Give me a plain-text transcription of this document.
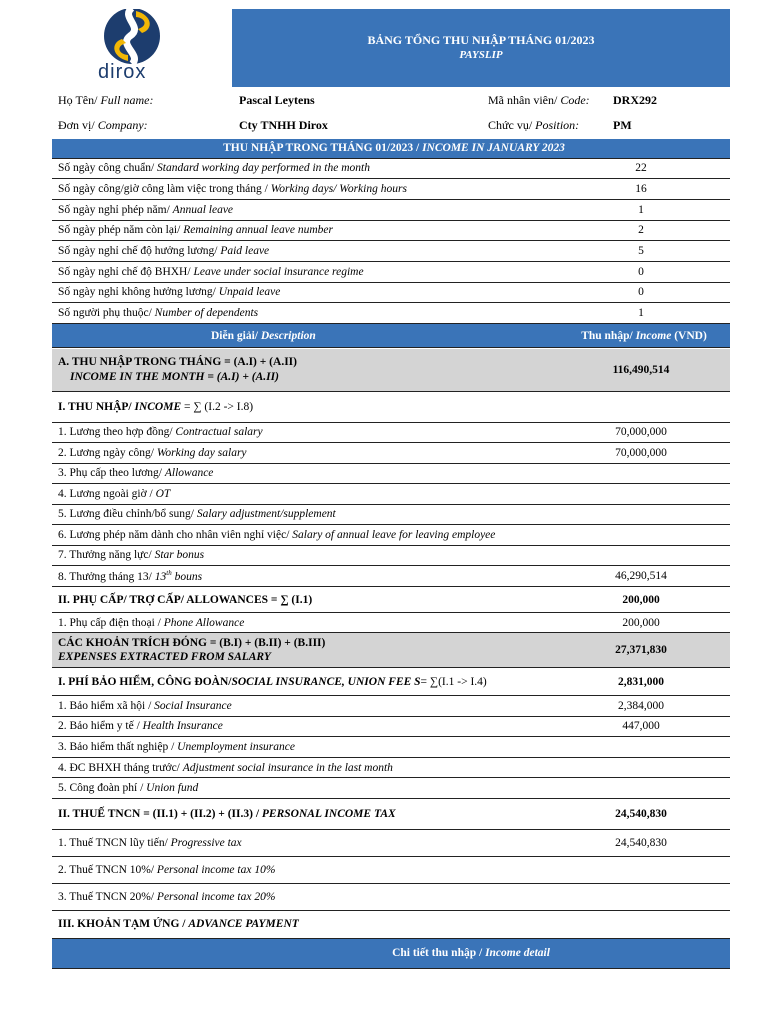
dirox
BẢNG TỔNG THU NHẬP THÁNG 01/2023
PAYSLIP
Họ Tên/ Full name:	Pascal Leytens	Mã nhân viên/ Code: DRX292
Đơn vị/ Company:	Cty TNHH Dirox	Chức vụ/ Position:	PM
THU NHẬP TRONG THÁNG 01/2023 / INCOME IN JANUARY 2023	
Số ngày công chuẩn/ Standard working day performed in the month	22
Số ngày công/giờ công làm việc trong tháng / Working days/ Working hours	16
Số ngày nghỉ phép năm/ Annual leave	1
Số ngày phép năm còn lại/ Remaining annual leave number	2
Số ngày nghỉ chế độ hưởng lương/ Paid leave	5
Số ngày nghỉ chế độ BHXH/ Leave under social insurance regime	0
Số ngày nghỉ không hưởng lương/ Unpaid leave	0
Số người phụ thuộc/ Number of dependents	1
Diễn giải/ Description	Thu nhập/ Income (VND)
A. THU NHẬP TRONG THÁNG = (A.I) + (A.II)
INCOME IN THE MONTH = (A.I) + (A.II)	116,490,514
I. THU NHẬP/ INCOME = ∑ (I.2 -> I.8)	
1. Lương theo hợp đồng/ Contractual salary	70,000,000
2. Lương ngày công/ Working day salary	70,000,000
3. Phụ cấp theo lương/ Allowance	
4. Lương ngoài giờ / OT	
5. Lương điều chỉnh/bổ sung/ Salary adjustment/supplement	
6. Lương phép năm dành cho nhân viên nghỉ việc/ Salary of annual leave for leaving employee	
7. Thưởng năng lực/ Star bonus	
8. Thưởng tháng 13/ 13th bouns	46,290,514
II. PHỤ CẤP/ TRỢ CẤP/ ALLOWANCES = ∑ (I.1)	200,000
1. Phụ cấp điện thoại / Phone Allowance	200,000

CÁC KHOẢN TRÍCH ĐÓNG = (B.I) + (B.II) + (B.III)
EXPENSES EXTRACTED FROM SALARY	27,371,830
I. PHÍ BẢO HIỂM, CÔNG ĐOÀN/SOCIAL INSURANCE, UNION FEE S= ∑(I.1 -> I.4)	2,831,000
1. Bảo hiểm xã hội / Social Insurance	2,384,000
2. Bảo hiểm y tế / Health Insurance	447,000
3. Bảo hiểm thất nghiệp / Unemployment insurance	
4. ĐC BHXH tháng trước/ Adjustment social insurance in the last month	
5. Công đoàn phí / Union fund	
II. THUẾ TNCN = (II.1) + (II.2) + (II.3) / PERSONAL INCOME TAX	24,540,830
1. Thuế TNCN lũy tiến/ Progressive tax	24,540,830
2. Thuế TNCN 10%/ Personal income tax 10%	
3. Thuế TNCN 20%/ Personal income tax 20%	
III. KHOẢN TẠM ỨNG / ADVANCE PAYMENT	
Chi tiết thu nhập / Income detail	
